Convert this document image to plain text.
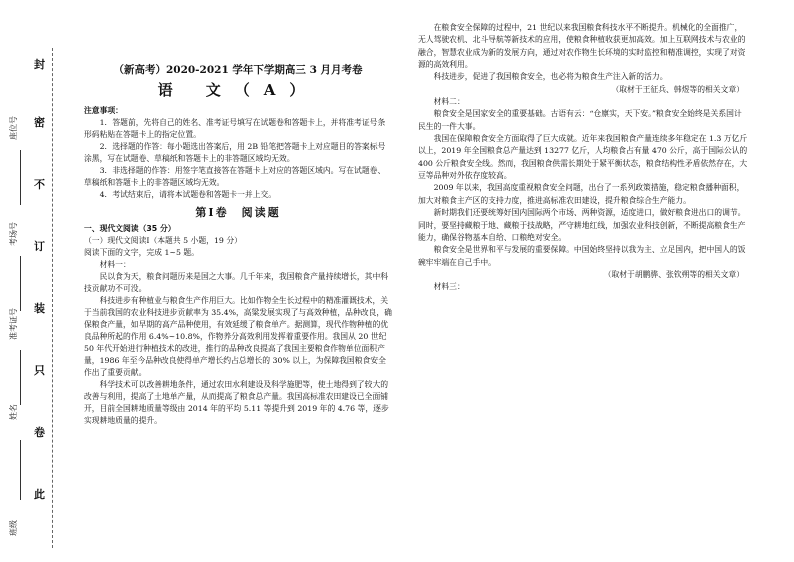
此
卷
只
装
订
不
密
封
班级
姓名
准考证号
考场号
座位号
（新高考）2020-2021 学年下学期高三 3 月月考卷
语 文（A）

注意事项：

1．答题前，先将自己的姓名、准考证号填写在试题卷和答题卡上，并将准考证号条形码粘贴在答题卡上的指定位置。

2．选择题的作答：每小题选出答案后，用 2B 铅笔把答题卡上对应题目的答案标号涂黑，写在试题卷、草稿纸和答题卡上的非答题区域均无效。

3．非选择题的作答：用签字笔直接答在答题卡上对应的答题区域内。写在试题卷、草稿纸和答题卡上的非答题区域均无效。

4．考试结束后，请将本试题卷和答题卡一并上交。

第Ⅰ卷　阅读题

一、现代文阅读（35 分）

（一）现代文阅读Ⅰ（本题共 5 小题，19 分）

阅读下面的文字，完成 1~5 题。

材料一：

民以食为天，粮食问题历来是国之大事。几千年来，我国粮食产量持续增长，其中科技贡献功不可没。

科技进步有种植业与粮食生产作用巨大。比如作物全生长过程中的精准灌溉技术，关于当前我国的农业科技进步贡献率为 35.4%，高粱发展实现了与高效种植，品种改良，确保粮食产量，如早期的高产品种使用，有效延缓了粮食单产。据测算，现代作物种植的优良品种所起的作用 6.4%~10.8%，作物养分高效利用发挥着重要作用。我国从 20 世纪 50 年代开始进行种植技术的改进，推行的品种改良提高了我国主要粮食作物单位面积产量，1986 年至今品种改良使得单产增长约占总增长的 30% 以上，为保障我国粮食安全作出了重要贡献。

科学技术可以改善耕地条件，通过农田水利建设及科学施肥等，使土地得到了较大的改善与利用，提高了土地单产量，从而提高了粮食总产量。我国高标准农田建设已全面铺开，目前全国耕地质量等级由 2014 年的平均 5.11 等提升到 2019 年的 4.76 等，逐步实现耕地质量的提升。

在粮食安全保障的过程中，21 世纪以来我国粮食科技水平不断提升。机械化的全面推广，无人驾驶农机、北斗导航等新技术的应用，使粮食种植收获更加高效。加上互联网技术与农业的融合，智慧农业成为新的发展方向，通过对农作物生长环境的实时监控和精准调控，实现了对资源的高效利用。

科技进步，促进了我国粮食安全，也必将为粮食生产注入新的活力。

（取材于王征兵、韩煜等的相关文章）

材料二：

粮食安全是国家安全的重要基础。古语有云：“仓廪实，天下安。”粮食安全始终是关系国计民生的一件大事。

我国在保障粮食安全方面取得了巨大成就。近年来我国粮食产量连续多年稳定在 1.3 万亿斤以上，2019 年全国粮食总产量达到 13277 亿斤，人均粮食占有量 470 公斤，高于国际公认的 400 公斤粮食安全线。然而，我国粮食供需长期处于紧平衡状态，粮食结构性矛盾依然存在，大豆等品种对外依存度较高。

2009 年以来，我国高度重视粮食安全问题，出台了一系列政策措施，稳定粮食播种面积，加大对粮食主产区的支持力度，推进高标准农田建设，提升粮食综合生产能力。

新时期我们还要统筹好国内国际两个市场、两种资源，适度进口，做好粮食进出口的调节。同时，要坚持藏粮于地、藏粮于技战略，严守耕地红线，加强农业科技创新，不断提高粮食生产能力，确保谷物基本自给、口粮绝对安全。

粮食安全是世界和平与发展的重要保障。中国始终坚持以我为主、立足国内，把中国人的饭碗牢牢端在自己手中。

（取材于胡鹏骅、张钦朔等的相关文章）

材料三：
